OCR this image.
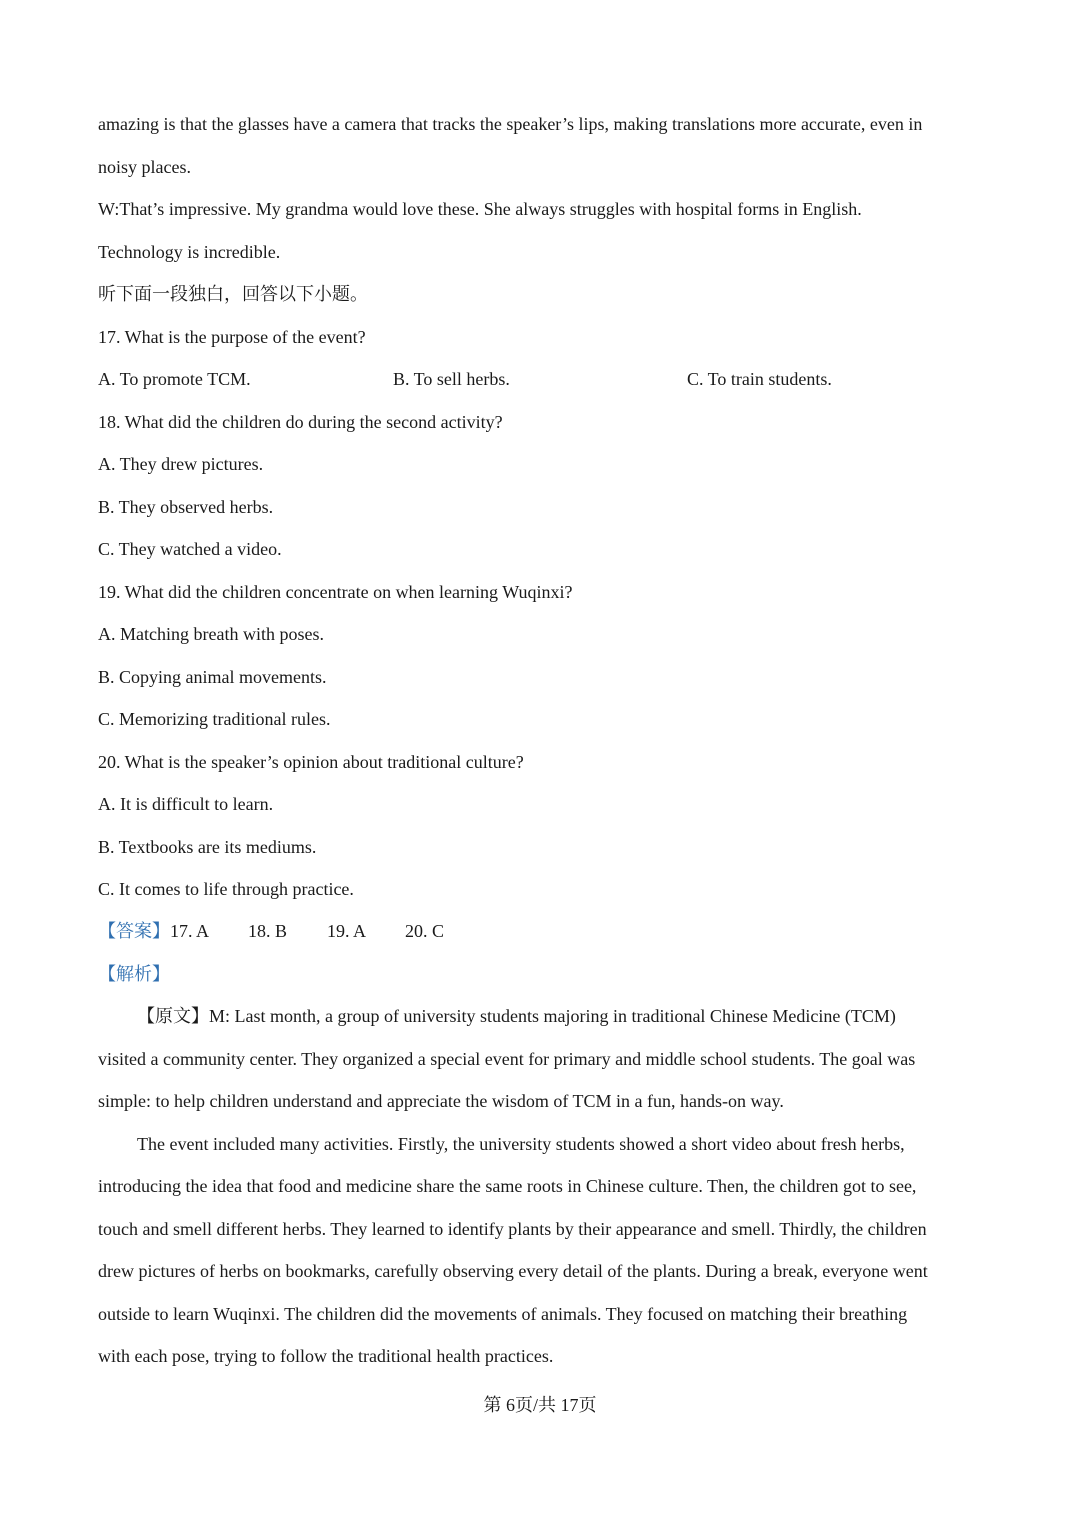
amazing is that the glasses have a camera that tracks the speaker’s lips, making translations more accurate, even in
noisy places.
W:That’s impressive. My grandma would love these. She always struggles with hospital forms in English.
Technology is incredible.
听下面一段独白，回答以下小题。
17. What is the purpose of the event?
A. To promote TCM.	B. To sell herbs.	C. To train students.
18. What did the children do during the second activity?
A. They drew pictures.
B. They observed herbs.
C. They watched a video.
19. What did the children concentrate on when learning Wuqinxi?
A. Matching breath with poses.
B. Copying animal movements.
C. Memorizing traditional rules.
20. What is the speaker’s opinion about traditional culture?
A. It is difficult to learn.
B. Textbooks are its mediums.
C. It comes to life through practice.
【答案】17. A 18. B 19. A 20. C
【解析】
【原文】M: Last month, a group of university students majoring in traditional Chinese Medicine (TCM)
visited a community center. They organized a special event for primary and middle school students. The goal was
simple: to help children understand and appreciate the wisdom of TCM in a fun, hands-on way.
The event included many activities. Firstly, the university students showed a short video about fresh herbs,
introducing the idea that food and medicine share the same roots in Chinese culture. Then, the children got to see,
touch and smell different herbs. They learned to identify plants by their appearance and smell. Thirdly, the children
drew pictures of herbs on bookmarks, carefully observing every detail of the plants. During a break, everyone went
outside to learn Wuqinxi. The children did the movements of animals. They focused on matching their breathing
with each pose, trying to follow the traditional health practices.
第 6页/共 17页
